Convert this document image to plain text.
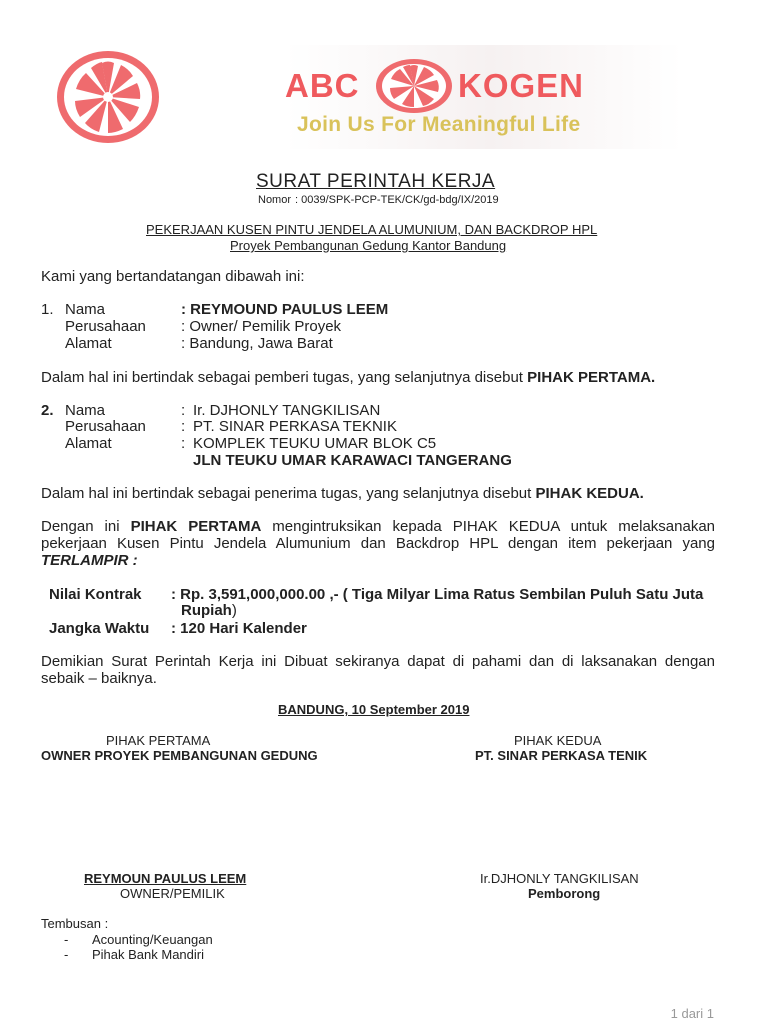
ABC	KOGEN
Join Us For Meaningful Life
SURAT PERINTAH KERJA
Nomor : 0039/SPK-PCP-TEK/CK/gd-bdg/IX/2019
PEKERJAAN KUSEN PINTU JENDELA ALUMUNIUM, DAN BACKDROP HPL
Proyek Pembangunan Gedung Kantor Bandung
Kami yang bertandatangan dibawah ini:
1. Nama	: REYMOUND PAULUS LEEM
Perusahaan : Owner/ Pemilik Proyek
Alamat	: Bandung, Jawa Barat
Dalam hal ini bertindak sebagai pemberi tugas, yang selanjutnya disebut PIHAK PERTAMA.
2. Nama	: Ir. DJHONLY TANGKILISAN
Perusahaan : PT. SINAR PERKASA TEKNIK
Alamat	: KOMPLEK TEUKU UMAR BLOK C5
JLN TEUKU UMAR KARAWACI TANGERANG
Dalam hal ini bertindak sebagai penerima tugas, yang selanjutnya disebut PIHAK KEDUA.
Dengan ini PIHAK PERTAMA mengintruksikan kepada PIHAK KEDUA untuk melaksanakan pekerjaan Kusen Pintu Jendela Alumunium dan Backdrop HPL dengan item pekerjaan yang
TERLAMPIR :
Nilai Kontrak : Rp. 3,591,000,000.00 ,- ( Tiga Milyar Lima Ratus Sembilan Puluh Satu Juta
Rupiah)
Jangka Waktu : 120 Hari Kalender
Demikian Surat Perintah Kerja ini Dibuat sekiranya dapat di pahami dan di laksanakan dengan sebaik – baiknya.
BANDUNG, 10 September 2019
PIHAK PERTAMA
OWNER PROYEK PEMBANGUNAN GEDUNG
PIHAK KEDUA
PT. SINAR PERKASA TENIK
REYMOUN PAULUS LEEM
OWNER/PEMILIK
Ir.DJHONLY TANGKILISAN
Pemborong
Tembusan :
- Acounting/Keuangan
- Pihak Bank Mandiri
1 dari 1
